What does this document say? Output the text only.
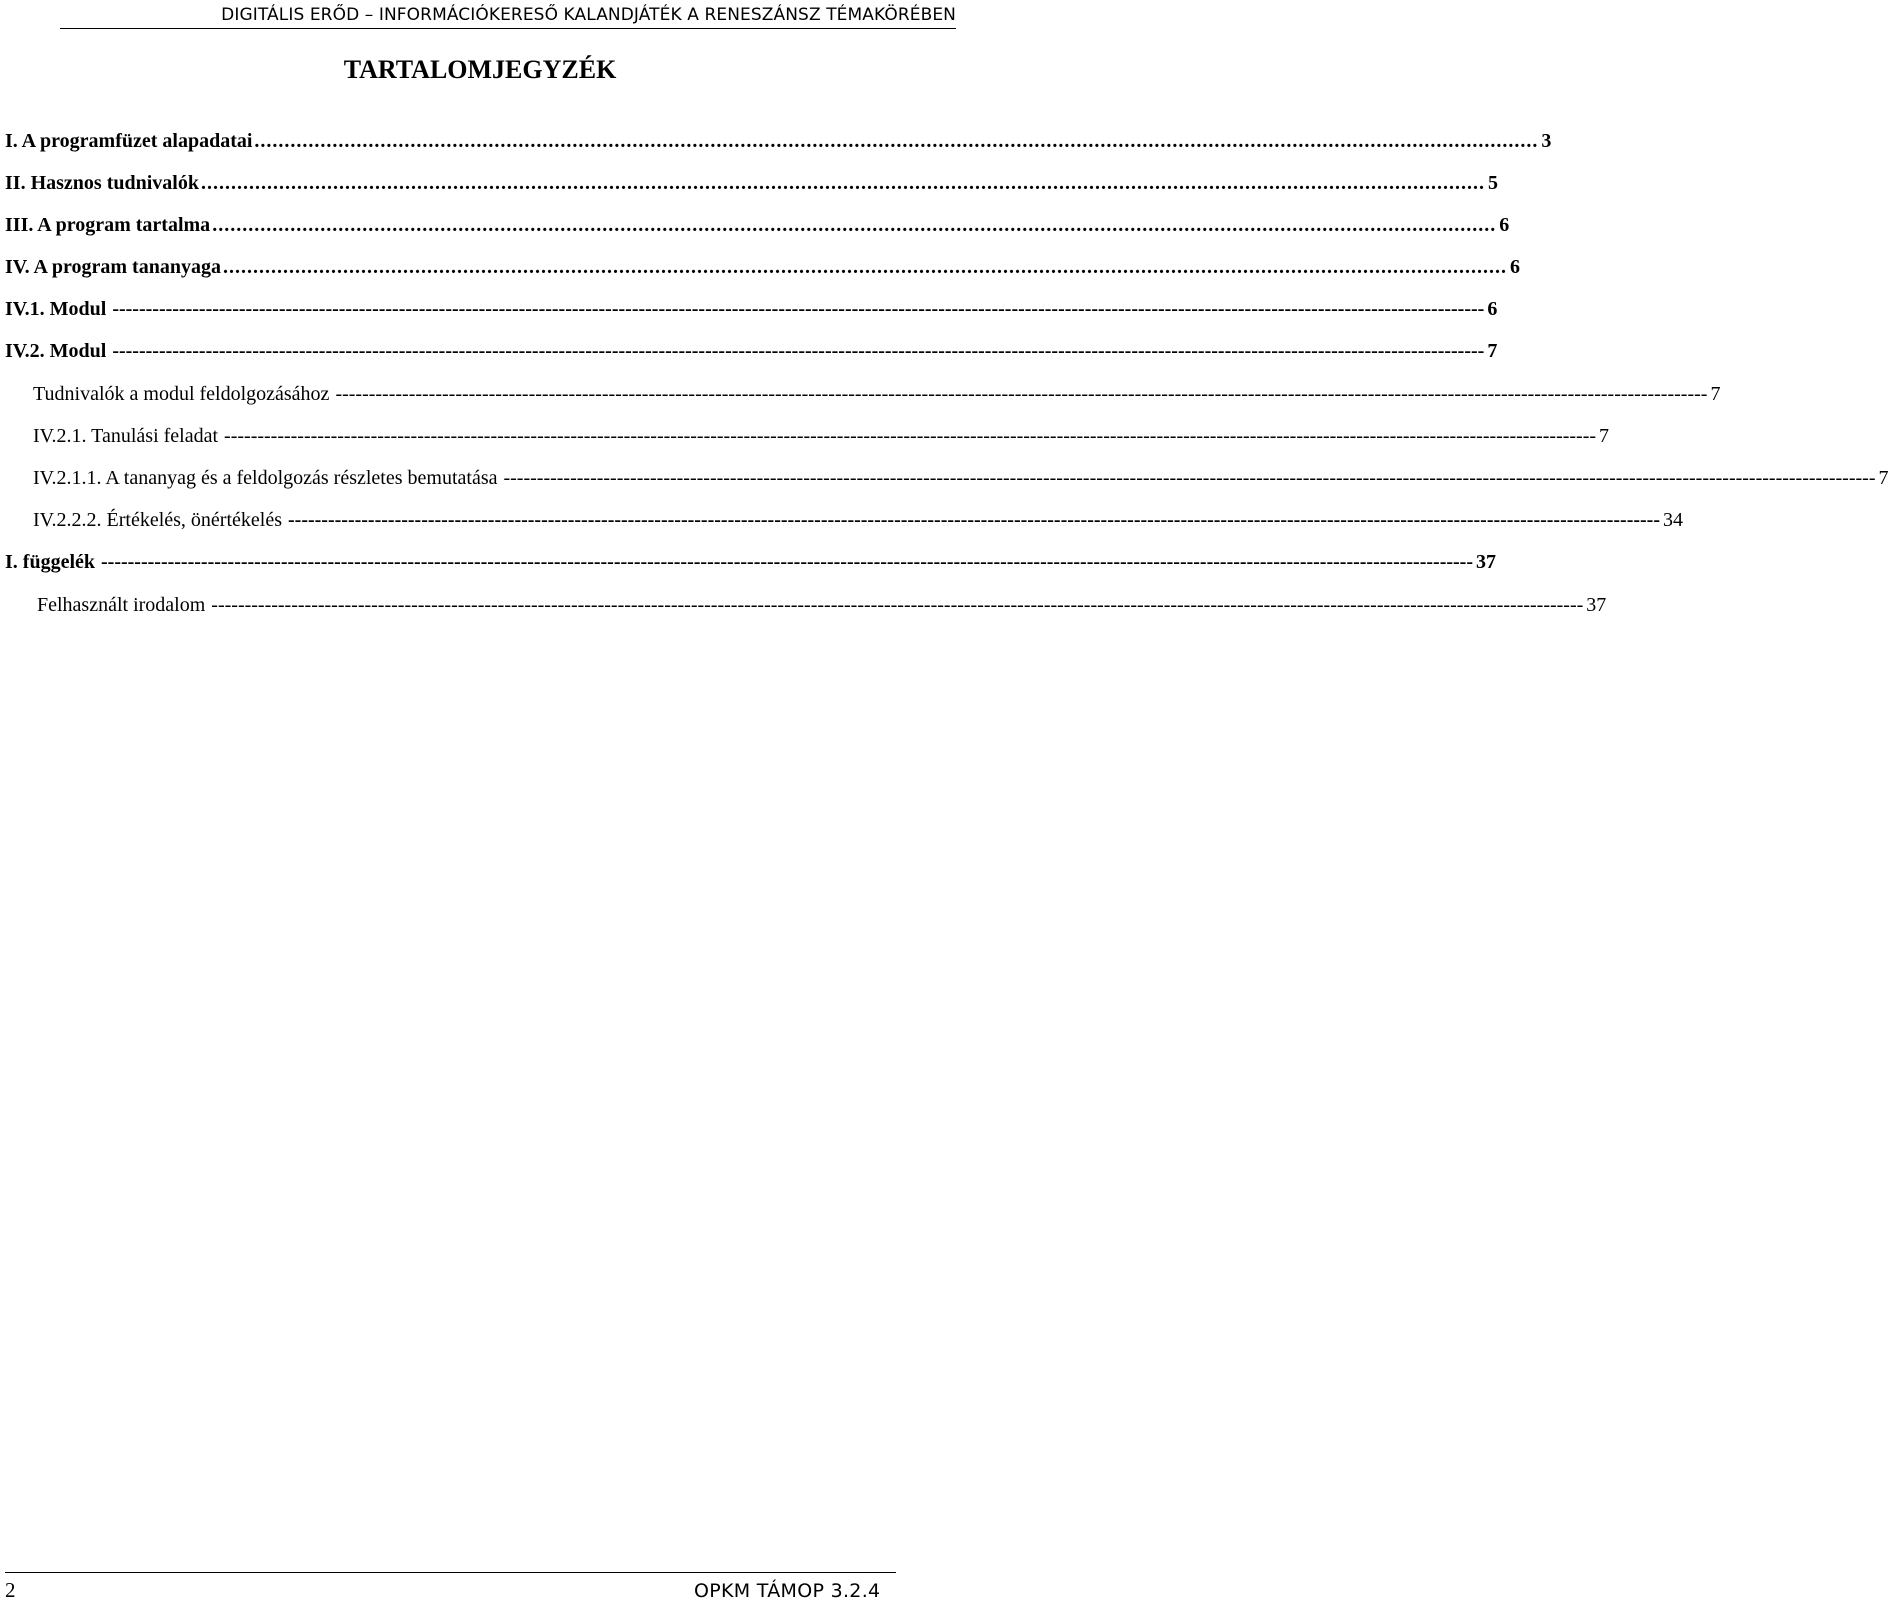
DIGITÁLIS ERŐD – INFORMÁCIÓKERESŐ KALANDJÁTÉK A RENESZÁNSZ TÉMAKÖRÉBEN
TARTALOMJEGYZÉK
I. A programfüzet alapadatai ...................................................................................................................................................................................................................... 3
II. Hasznos tudnivalók ...................................................................................................................................................................................................................... 5
III. A program tartalma ...................................................................................................................................................................................................................... 6
IV. A program tananyaga ...................................................................................................................................................................................................................... 6
IV.1. Modul -------------------------------------------------------------------------------------------------------------------------------------------------------------------------------------------------------------- 6
IV.2. Modul -------------------------------------------------------------------------------------------------------------------------------------------------------------------------------------------------------------- 7
Tudnivalók a modul feldolgozásához -------------------------------------------------------------------------------------------------------------------------------------------------------------------------------------------------------------- 7
IV.2.1. Tanulási feladat -------------------------------------------------------------------------------------------------------------------------------------------------------------------------------------------------------------- 7
IV.2.1.1. A tananyag és a feldolgozás részletes bemutatása -------------------------------------------------------------------------------------------------------------------------------------------------------------------------------------------------------------- 7
IV.2.2.2. Értékelés, önértékelés -------------------------------------------------------------------------------------------------------------------------------------------------------------------------------------------------------------- 34
I. függelék -------------------------------------------------------------------------------------------------------------------------------------------------------------------------------------------------------------- 37
Felhasznált irodalom -------------------------------------------------------------------------------------------------------------------------------------------------------------------------------------------------------------- 37
2	OPKM TÁMOP 3.2.4
